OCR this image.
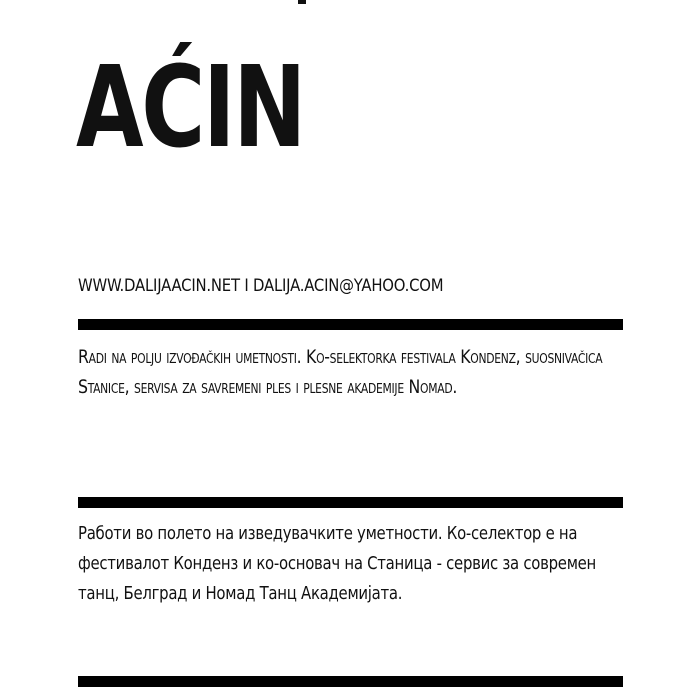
AĆIN

WWW.DALIJAACIN.NET I DALIJA.ACIN@YAHOO.COM

Radi na polju izvođačkih umetnosti. Ko-selektorka festivala Kondenz, suosnivačica Stanice, servisa za savremeni ples i plesne akademije Nomad.

Работи во полето на изведувачките уметности. Ко-селектор е на фестивалот Конденз и ко-основач на Станица - сервис за современ танц, Белград и Номад Танц Академијата.
